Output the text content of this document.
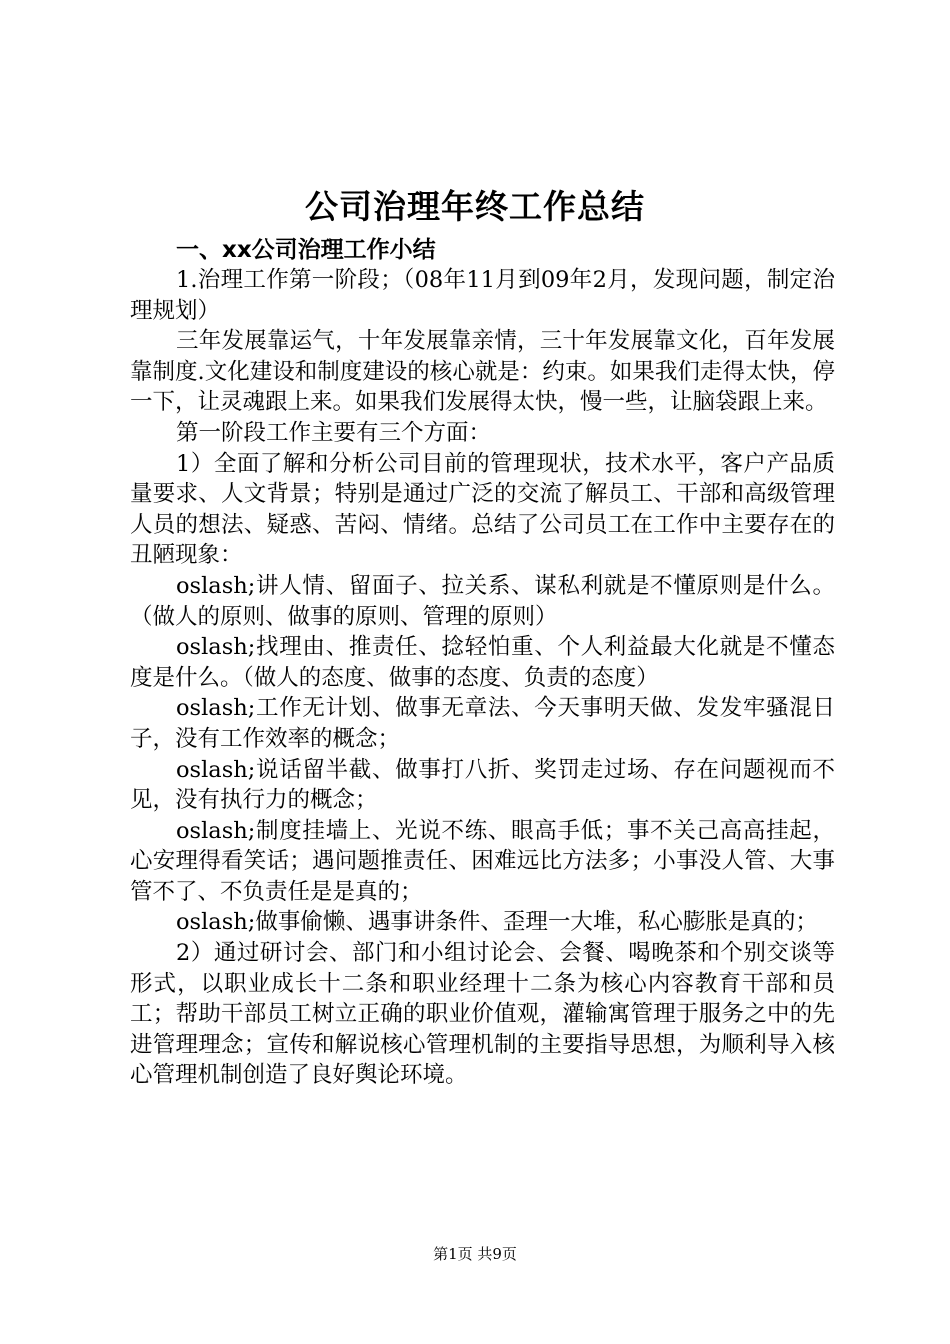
公司治理年终工作总结

一、xx公司治理工作小结

1.治理工作第一阶段；（08年11月到09年2月，发现问题，制定治理规划）

三年发展靠运气，十年发展靠亲情，三十年发展靠文化，百年发展靠制度.文化建设和制度建设的核心就是：约束。如果我们走得太快，停一下，让灵魂跟上来。如果我们发展得太快，慢一些，让脑袋跟上来。

第一阶段工作主要有三个方面：

1）全面了解和分析公司目前的管理现状，技术水平，客户产品质量要求、人文背景；特别是通过广泛的交流了解员工、干部和高级管理人员的想法、疑惑、苦闷、情绪。总结了公司员工在工作中主要存在的丑陋现象：

oslash;讲人情、留面子、拉关系、谋私利就是不懂原则是什么。（做人的原则、做事的原则、管理的原则）

oslash;找理由、推责任、捻轻怕重、个人利益最大化就是不懂态度是什么。（做人的态度、做事的态度、负责的态度）

oslash;工作无计划、做事无章法、今天事明天做、发发牢骚混日子，没有工作效率的概念；

oslash;说话留半截、做事打八折、奖罚走过场、存在问题视而不见，没有执行力的概念；

oslash;制度挂墙上、光说不练、眼高手低；事不关己高高挂起，心安理得看笑话；遇问题推责任、困难远比方法多；小事没人管、大事管不了、不负责任是是真的；

oslash;做事偷懒、遇事讲条件、歪理一大堆，私心膨胀是真的；

2）通过研讨会、部门和小组讨论会、会餐、喝晚茶和个别交谈等形式，以职业成长十二条和职业经理十二条为核心内容教育干部和员工；帮助干部员工树立正确的职业价值观，灌输寓管理于服务之中的先进管理理念；宣传和解说核心管理机制的主要指导思想，为顺利导入核心管理机制创造了良好舆论环境。

第1页 共9页
